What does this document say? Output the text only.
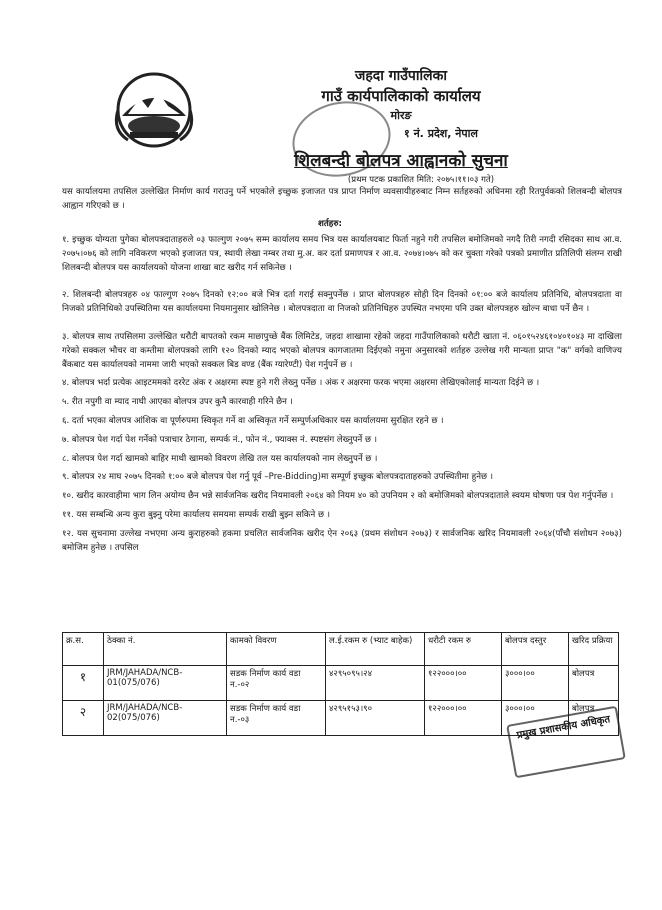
जहदा गाउँपालिका
गाउँ कार्यपालिकाको कार्यालय
मोरङ
१ नं. प्रदेश, नेपाल
शिलबन्दी बोलपत्र आह्वानको सुचना
(प्रथम पटक प्रकाशित मिति: २०७५।११।०३ गते)
यस कार्यालयमा तपसिल उल्लेखित निर्माण कार्य गराउनु पर्ने भएकोले इच्छुक इजाजत पत्र प्राप्त निर्माण व्यवसायीहरुबाट निम्न सर्तहरुको अधिनमा रही रितपुर्वकको शिलबन्दी बोलपत्र आह्वान गरिएको छ ।
शर्तहरु:

१. इच्छुक योग्यता पुगेका बोलपत्रदाताहरुले ०३ फाल्गुण २०७५ सम्म कार्यालय समय भित्र यस कार्यालयबाट फिर्ता नहुने गरी तपसिल बमोजिमको नगदै तिरी नगदी रसिदका साथ आ.व. २०७५।०७६ को लागि नविकरण भएको इजाजत पत्र, स्थायी लेखा नम्बर तथा मु.अ. कर दर्ता प्रमाणपत्र र आ.व. २०७४।०७५ को कर चुक्ता गरेको पत्रको प्रमाणीत प्रतिलिपी संलग्न राखी शिलबन्दी बोलपत्र यस कार्यालयको योजना शाखा बाट खरीद गर्न सकिनेछ ।

२. शिलबन्दी बोलपत्रहरु ०४ फाल्गुण २०७५ दिनको १२:०० बजे भित्र दर्ता गराई सक्नुपर्नेछ । प्राप्त बोलपत्रहरु सोही दिन दिनको ०१:०० बजे कार्यालय प्रतिनिधि, बोलपत्रदाता वा निजको प्रतिनिधिको उपस्थितिमा यस कार्यालयमा नियमानुसार खोलिनेछ । बोलपत्रदाता वा निजको प्रतिनिधिहरु उपस्थित नभएमा पनि उक्त बोलपत्रहरु खोल्न बाधा पर्ने छैन ।

३. बोलपत्र साथ तपसिलमा उल्लेखित धरौटी बापतको रकम माछापुच्छे बैंक लिमिटेड, जहदा शाखामा रहेको जहदा गाउँपालिकाको धरौटी खाता नं. ०६०१५२४६१०४०१०४३ मा दाखिला गरेको सक्कल भौचर वा कम्तीमा बोलपत्रको लागि १२० दिनको म्याद भएको बोलपत्र कागजातमा दिईएको नमुना अनुसारको शर्तहरु उल्लेख गरी मान्यता प्राप्त "क" वर्गको वाणिज्य बैंकबाट यस कार्यालयको नाममा जारी भएको सक्कल बिड वण्ड (बैंक ग्यारेण्टी) पेश गर्नुपर्ने छ ।

४. बोलपत्र भर्दा प्रत्येक आइटममको दररेट अंक र अक्षरमा स्पष्ट हुने गरी लेख्नु पर्नेछ । अंक र अक्षरमा फरक भएमा अक्षरमा लेखिएकोलाई मान्यता दिईने छ ।

५. रीत नपुगी वा म्याद नाघी आएका बोलपत्र उपर कुनै कारवाही गरिने छैन ।

६. दर्ता भएका बोलपत्र आंशिक वा पूर्णरुपमा स्विकृत गर्ने वा अस्विकृत गर्ने सम्पुर्णअधिकार यस कार्यालयमा सुरक्षित रहने छ ।

७. बोलपत्र पेश गर्दा पेश गर्नेको पत्राचार ठेगाना, सम्पर्क नं., फोन नं., फ्याक्स नं. स्पष्टसंग लेख्नुपर्ने छ ।

८. बोलपत्र पेश गर्दा खामको बाहिर माथी खामको विवरण लेखि तल यस कार्यालयको नाम लेख्नुपर्ने छ ।

९. बोलपत्र २४ माघ २०७५ दिनको १:०० बजे बोलपत्र पेश गर्नु पूर्व –Pre-Bidding)मा सम्पूर्ण इच्छुक बोलपत्रदाताहरुको उपस्थितीमा हुनेछ ।

१०. खरीद कारवाहीमा भाग लिन अयोग्य छैन भन्ने सार्वजनिक खरीद नियमावली २०६४ को नियम ४० को उपनियम २ को बमोजिमको बोलपत्रदाताले स्वयम घोषणा पत्र पेश गर्नुपर्नेछ ।

११. यस सम्बन्धि अन्य कुरा बुझ्नु परेमा कार्यालय समयमा सम्पर्क राखी बुझ्न सकिने छ ।

१२. यस सुचनामा उल्लेख नभएमा अन्य कुराहरुको हकमा प्रचलित सार्वजनिक खरीद ऐन २०६३ (प्रथम संशोधन २०७३) र सार्वजनिक खरिद नियमावली २०६४(पाँचौ संशोधन २०७३) बमोजिम हुनेछ । तपसिल

क्र.स.	ठेक्का नं.	कामको विवरण	ल.ई.रकम रु (भ्याट बाहेक)	धरौटी रकम रु	बोलपत्र दस्तुर	खरिद प्रक्रिया
१	JRM/JAHADA/NCB-01(075/076)	सडक निर्माण कार्य वडा न.-०२	४२९५०९५।२४	१२२०००।००	३०००।००	बोलपत्र
२	JRM/JAHADA/NCB-02(075/076)	सडक निर्माण कार्य वडा न.-०३	४२९५१५३।९०	१२२०००।००	३०००।००	बोलपत्र
प्रमुख प्रशासकीय अधिकृत
